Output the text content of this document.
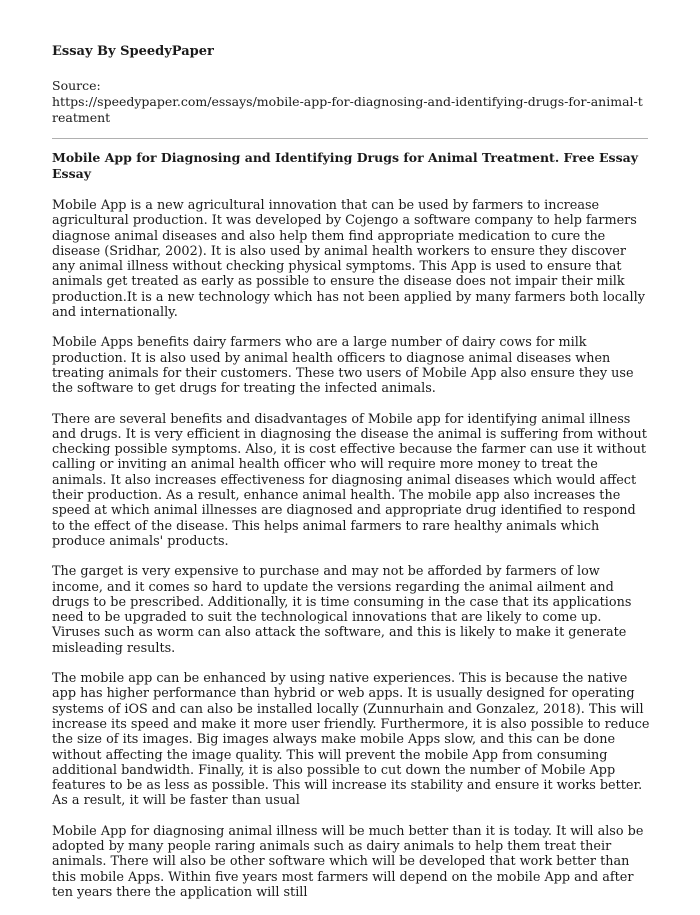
Essay By SpeedyPaper

Source:

https://speedypaper.com/essays/mobile-app-for-diagnosing-and-identifying-drugs-for-animal-treatment

Mobile App for Diagnosing and Identifying Drugs for Animal Treatment. Free Essay Essay

Mobile App is a new agricultural innovation that can be used by farmers to increase agricultural production. It was developed by Cojengo a software company to help farmers diagnose animal diseases and also help them find appropriate medication to cure the disease (Sridhar, 2002). It is also used by animal health workers to ensure they discover any animal illness without checking physical symptoms. This App is used to ensure that animals get treated as early as possible to ensure the disease does not impair their milk production.It is a new technology which has not been applied by many farmers both locally and internationally.

Mobile Apps benefits dairy farmers who are a large number of dairy cows for milk production. It is also used by animal health officers to diagnose animal diseases when treating animals for their customers. These two users of Mobile App also ensure they use the software to get drugs for treating the infected animals.

There are several benefits and disadvantages of Mobile app for identifying animal illness and drugs. It is very efficient in diagnosing the disease the animal is suffering from without checking possible symptoms. Also, it is cost effective because the farmer can use it without calling or inviting an animal health officer who will require more money to treat the animals. It also increases effectiveness for diagnosing animal diseases which would affect their production. As a result, enhance animal health. The mobile app also increases the speed at which animal illnesses are diagnosed and appropriate drug identified to respond to the effect of the disease. This helps animal farmers to rare healthy animals which produce animals' products.

The garget is very expensive to purchase and may not be afforded by farmers of low income, and it comes so hard to update the versions regarding the animal ailment and drugs to be prescribed. Additionally, it is time consuming in the case that its applications need to be upgraded to suit the technological innovations that are likely to come up. Viruses such as worm can also attack the software, and this is likely to make it generate misleading results.

The mobile app can be enhanced by using native experiences. This is because the native app has higher performance than hybrid or web apps. It is usually designed for operating systems of iOS and can also be installed locally (Zunnurhain and Gonzalez, 2018). This will increase its speed and make it more user friendly. Furthermore, it is also possible to reduce the size of its images. Big images always make mobile Apps slow, and this can be done without affecting the image quality. This will prevent the mobile App from consuming additional bandwidth. Finally, it is also possible to cut down the number of Mobile App features to be as less as possible. This will increase its stability and ensure it works better. As a result, it will be faster than usual

Mobile App for diagnosing animal illness will be much better than it is today. It will also be adopted by many people raring animals such as dairy animals to help them treat their animals. There will also be other software which will be developed that work better than this mobile Apps. Within five years most farmers will depend on the mobile App and after ten years there the application will still
